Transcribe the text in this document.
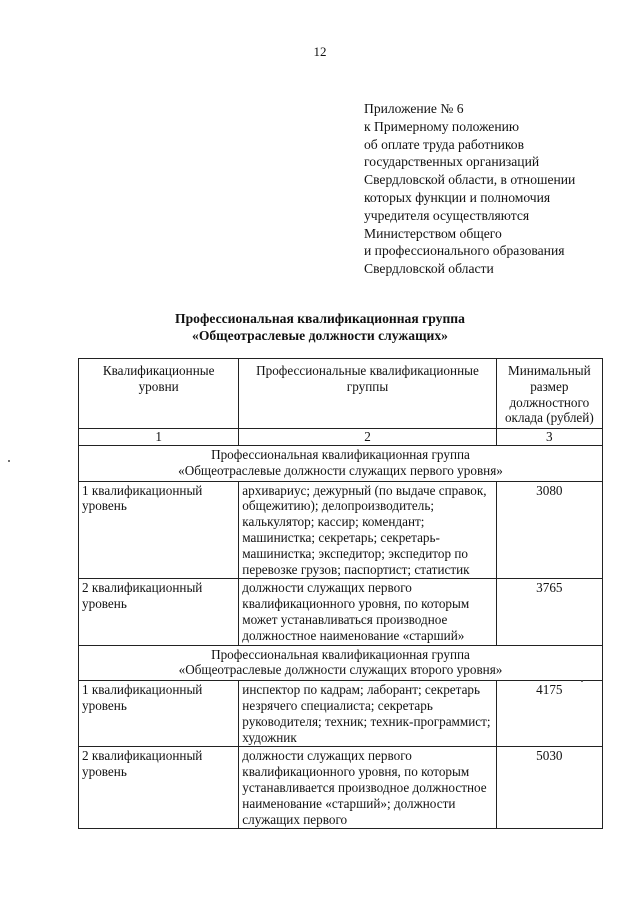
12
Приложение № 6
к Примерному положению
об оплате труда работников
государственных организаций
Свердловской области, в отношении
которых функции и полномочия
учредителя осуществляются
Министерством общего
и профессионального образования
Свердловской области
Профессиональная квалификационная группа
«Общеотраслевые должности служащих»
Квалификационные уровни	Профессиональные квалификационные группы	Минимальный размер должностного оклада (рублей)
1	2	3

Профессиональная квалификационная группа
«Общеотраслевые должности служащих первого уровня»		

1 квалификационный уровень	архивариус; дежурный (по выдаче справок, общежитию); делопроизводитель; калькулятор; кассир; комендант; машинистка; секретарь; секретарь-машинистка; экспедитор; экспедитор по перевозке грузов; паспортист; статистик	3080
2 квалификационный уровень	должности служащих первого квалификационного уровня, по которым может устанавливаться производное должностное наименование «старший»	3765

Профессиональная квалификационная группа
«Общеотраслевые должности служащих второго уровня»		

1 квалификационный уровень	инспектор по кадрам; лаборант; секретарь незрячего специалиста; секретарь руководителя; техник; техник-программист; художник	4175
2 квалификационный уровень	должности служащих первого квалификационного уровня, по которым устанавливается производное должностное наименование «старший»; должности служащих первого	5030
